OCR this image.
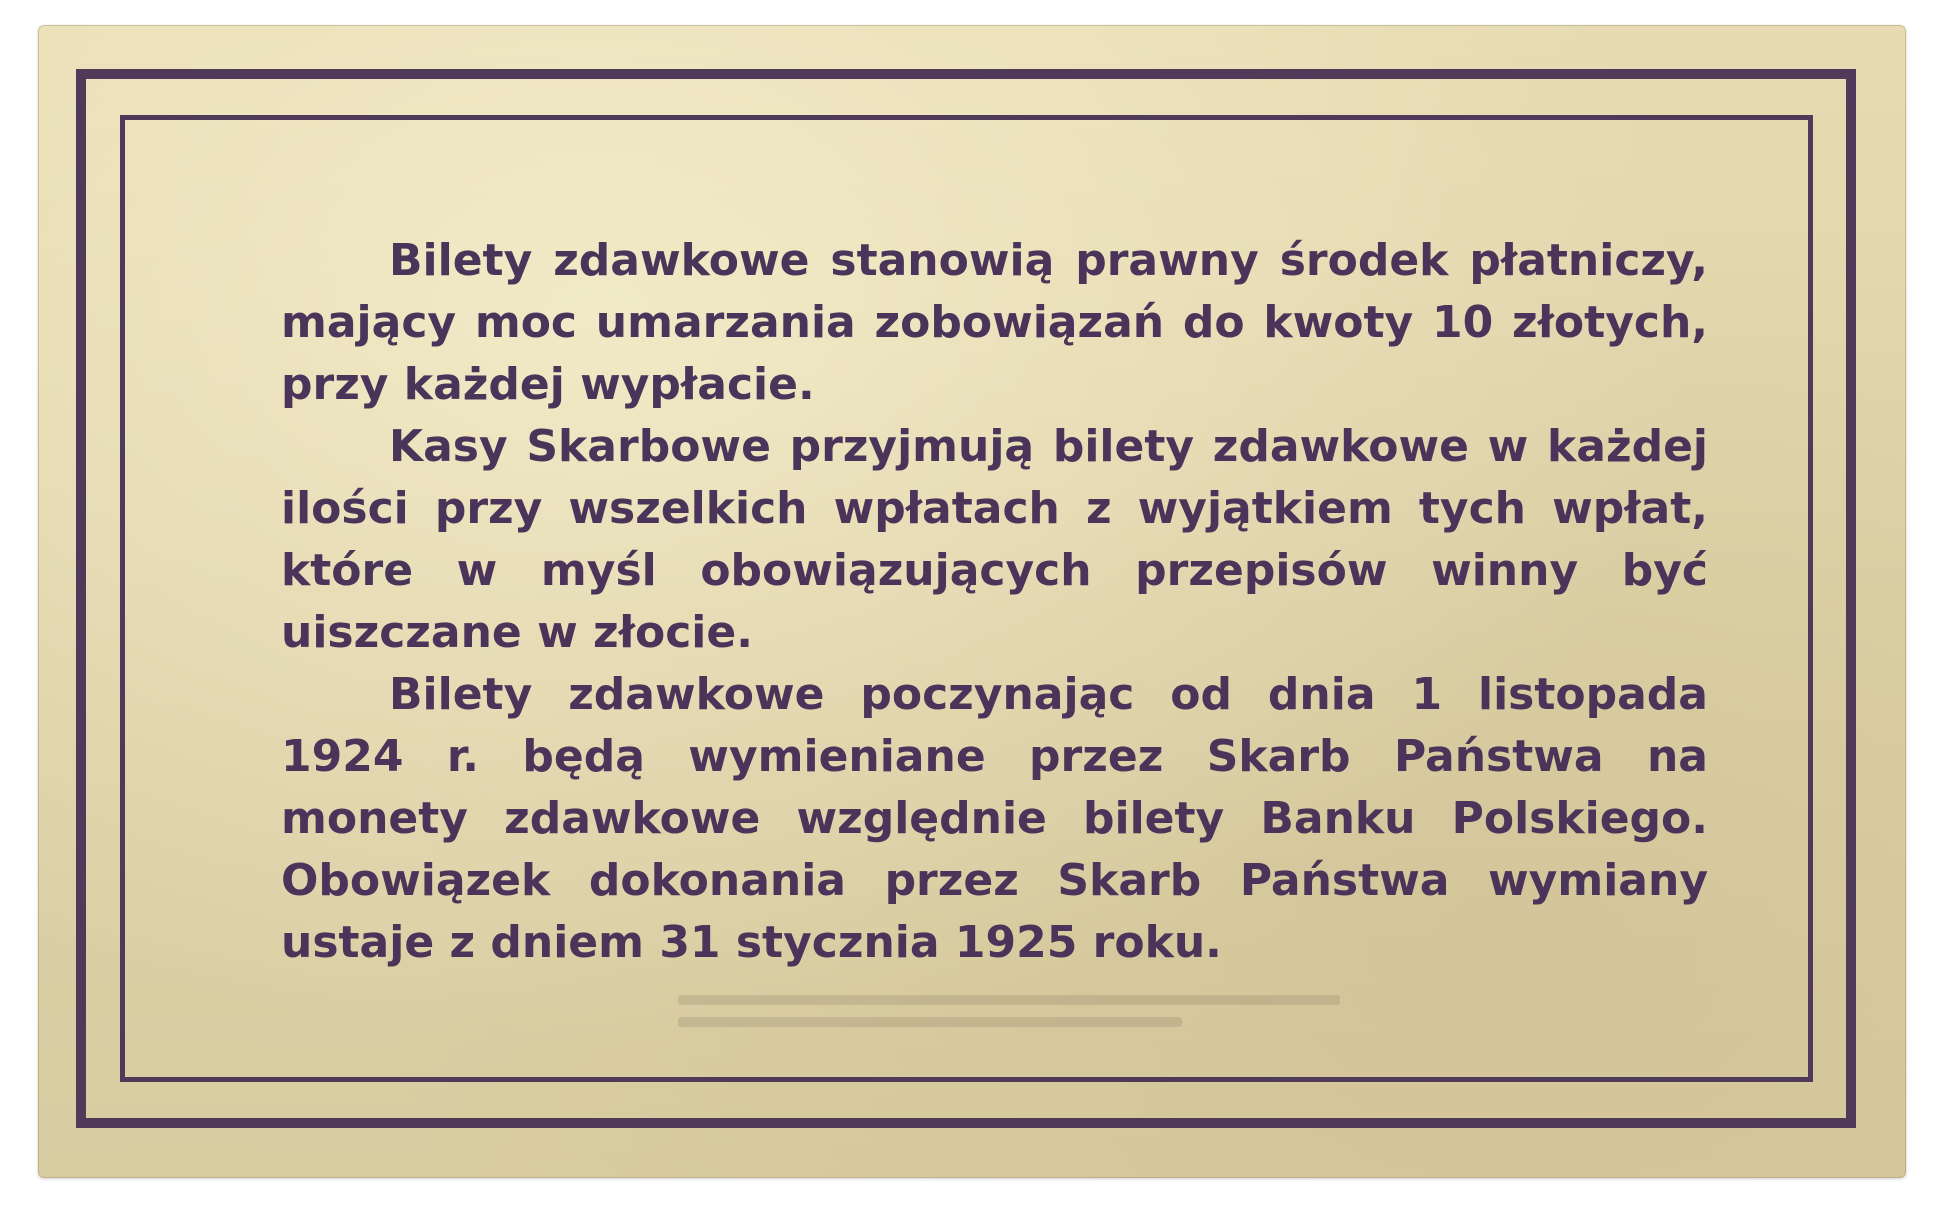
Bilety zdawkowe stanowią prawny środek płatniczy, mający moc umarzania zobowiązań do kwoty 10 złotych, przy każdej wypłacie.

Kasy Skarbowe przyjmują bilety zdawkowe w każdej ilości przy wszelkich wpłatach z wyjątkiem tych wpłat, które w myśl obowiązujących przepisów winny być uiszczane w złocie.

Bilety zdawkowe poczynając od dnia 1 listopada 1924 r. będą wymieniane przez Skarb Państwa na monety zdawkowe względnie bilety Banku Polskiego. Obowiązek dokonania przez Skarb Państwa wymiany ustaje z dniem 31 stycznia 1925 roku.
